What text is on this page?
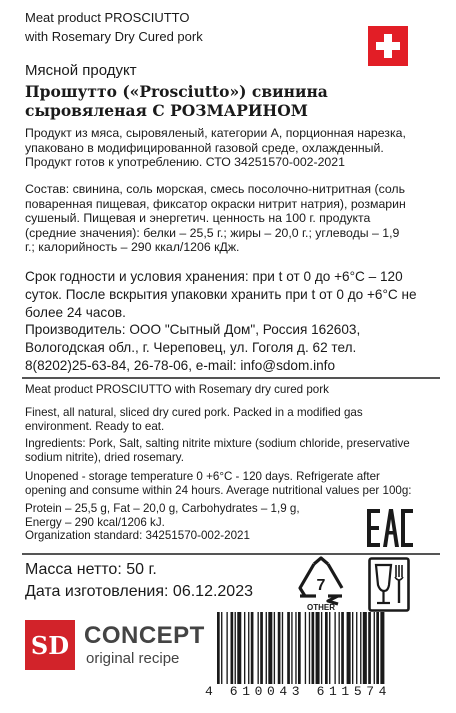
Meat product PROSCIUTTO
with Rosemary Dry Cured pork
Мясной продукт
Прошутто («Prosciutto») свинина
сыровяленая С РОЗМАРИНОМ
Продукт из мяса, сыровяленый, категории А, порционная нарезка,
упаковано в модифицированной газовой среде, охлажденный.
Продукт готов к употреблению. СТО 34251570-002-2021
Состав: свинина, соль морская, смесь посолочно-нитритная (соль
поваренная пищевая, фиксатор окраски нитрит натрия), розмарин
сушеный. Пищевая и энергетич. ценность на 100 г. продукта
(средние значения): белки – 25,5 г.; жиры – 20,0 г.; углеводы – 1,9
г.; калорийность – 290 ккал/1206 кДж.
Срок годности и условия хранения: при t от 0 до +6°С – 120
суток. После вскрытия упаковки хранить при t от 0 до +6°С не
более 24 часов.
Производитель: ООО "Сытный Дом", Россия 162603,
Вологодская обл., г. Череповец, ул. Гоголя д. 62 тел.
8(8202)25-63-84, 26-78-06, e-mail: info@sdom.info
Meat product PROSCIUTTO with Rosemary dry cured pork
Finest, all natural, sliced dry cured pork. Packed in a modified gas
environment. Ready to eat.
Ingredients: Pork, Salt, salting nitrite mixture (sodium chloride, preservative
sodium nitrite), dried rosemary.
Unopened - storage temperature 0 +6°C - 120 days. Refrigerate after
opening and consume within 24 hours. Average nutritional values per 100g:
Protein – 25,5 g, Fat – 20,0 g, Carbohydrates – 1,9 g,
Energy – 290 kcal/1206 kJ.
Organization standard: 34251570-002-2021
Масса нетто: 50 г.
Дата изготовления: 06.12.2023	7
OTHER
SD CONCEPT
original recipe
4 610043 611574
